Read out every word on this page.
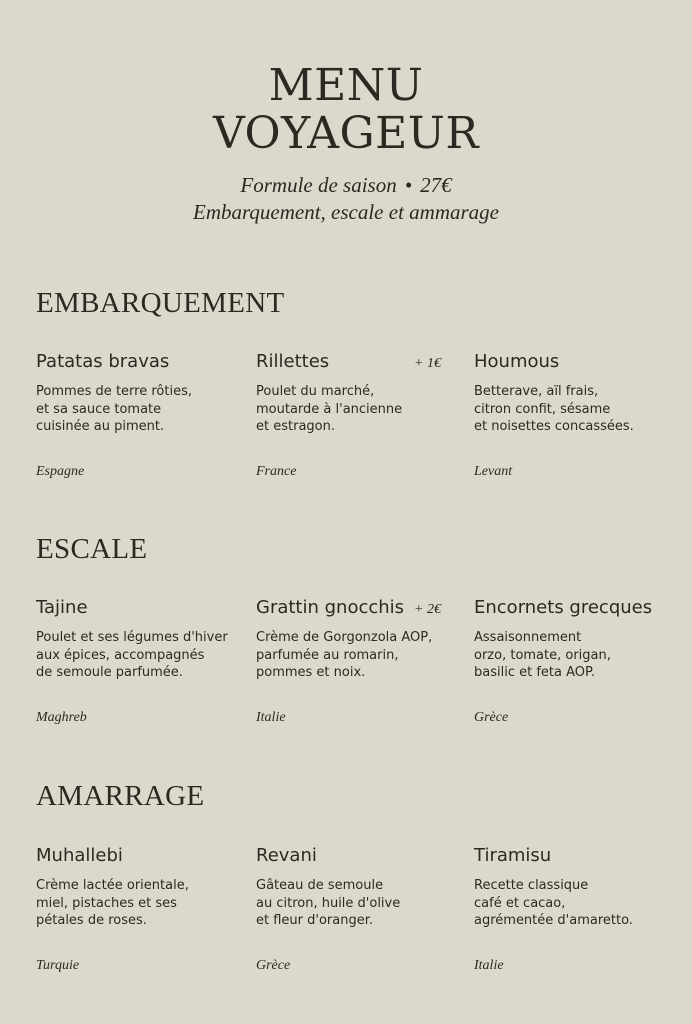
MENU
VOYAGEUR
Formule de saison • 27€
Embarquement, escale et ammarage
EMBARQUEMENT
Patatas bravas
Pommes de terre rôties,
et sa sauce tomate
cuisinée au piment.
Espagne
Rillettes
Poulet du marché,
moutarde à l'ancienne
et estragon.
France
+ 1€ Houmous
Betterave, aïl frais,
citron confit, sésame
et noisettes concassées.
Levant
ESCALE
Tajine
Poulet et ses légumes d'hiver
aux épices, accompagnés
de semoule parfumée.
Maghreb
Grattin gnocchis
Crème de Gorgonzola AOP,
parfumée au romarin,
pommes et noix.
Italie
+ 2€ Encornets grecques
Assaisonnement
orzo, tomate, origan,
basilic et feta AOP.
Grèce
AMARRAGE
Muhallebi
Crème lactée orientale,
miel, pistaches et ses
pétales de roses.
Turquie
Revani
Gâteau de semoule
au citron, huile d'olive
et fleur d'oranger.
Grèce
Tiramisu
Recette classique
café et cacao,
agrémentée d'amaretto.
Italie
